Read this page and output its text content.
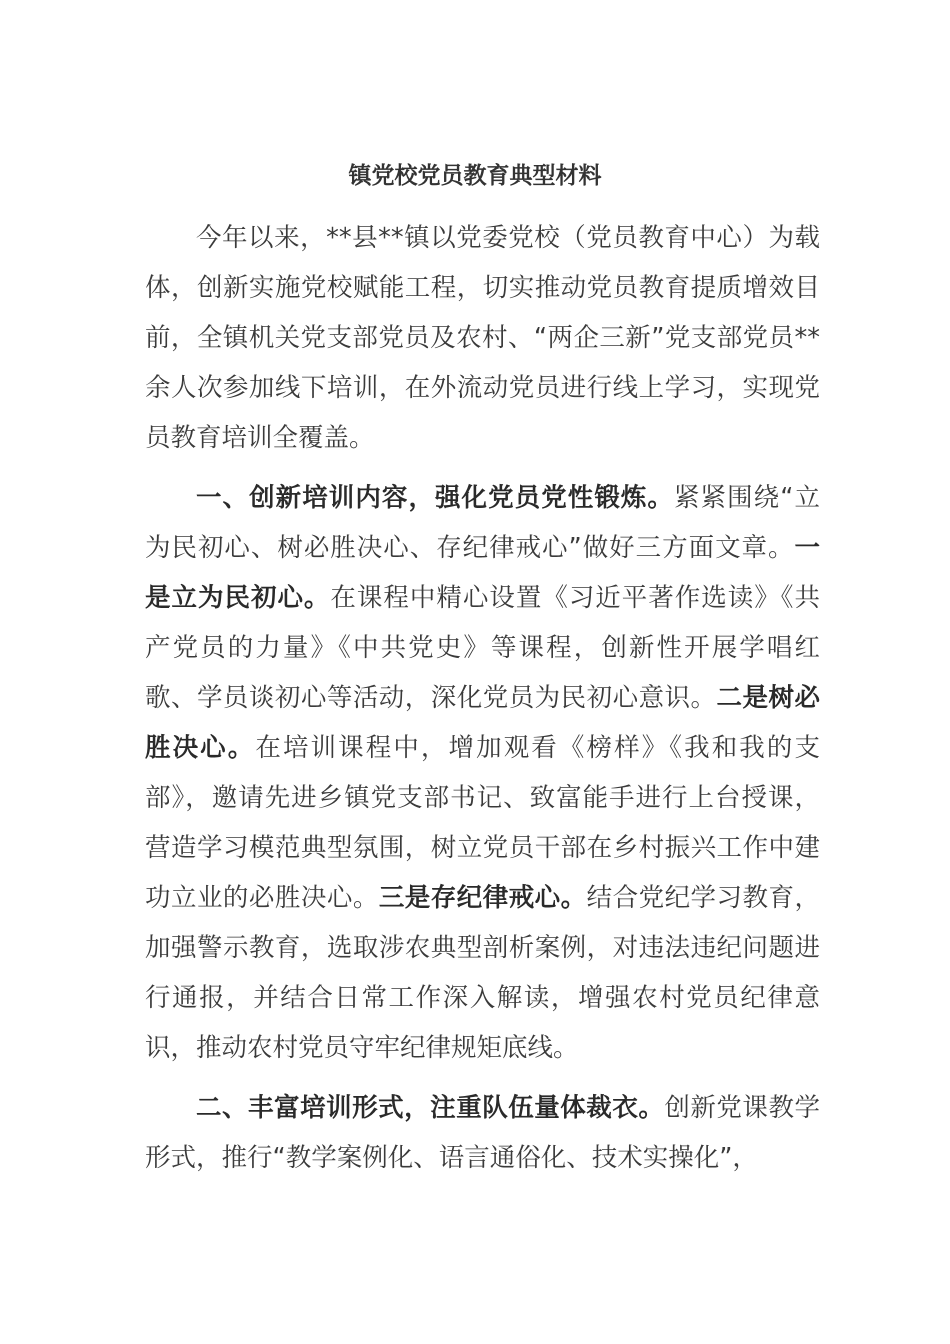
镇党校党员教育典型材料

今年以来，**县**镇以党委党校（党员教育中心）为载体，创新实施党校赋能工程，切实推动党员教育提质增效目前，全镇机关党支部党员及农村、“两企三新”党支部党员**余人次参加线下培训，在外流动党员进行线上学习，实现党员教育培训全覆盖。

一、创新培训内容，强化党员党性锻炼。紧紧围绕“立为民初心、树必胜决心、存纪律戒心”做好三方面文章。一是立为民初心。在课程中精心设置《习近平著作选读》《共产党员的力量》《中共党史》等课程，创新性开展学唱红歌、学员谈初心等活动，深化党员为民初心意识。二是树必胜决心。在培训课程中，增加观看《榜样》《我和我的支部》，邀请先进乡镇党支部书记、致富能手进行上台授课，营造学习模范典型氛围，树立党员干部在乡村振兴工作中建功立业的必胜决心。三是存纪律戒心。结合党纪学习教育，加强警示教育，选取涉农典型剖析案例，对违法违纪问题进行通报，并结合日常工作深入解读，增强农村党员纪律意识，推动农村党员守牢纪律规矩底线。

二、丰富培训形式，注重队伍量体裁衣。创新党课教学形式，推行“教学案例化、语言通俗化、技术实操化”，
